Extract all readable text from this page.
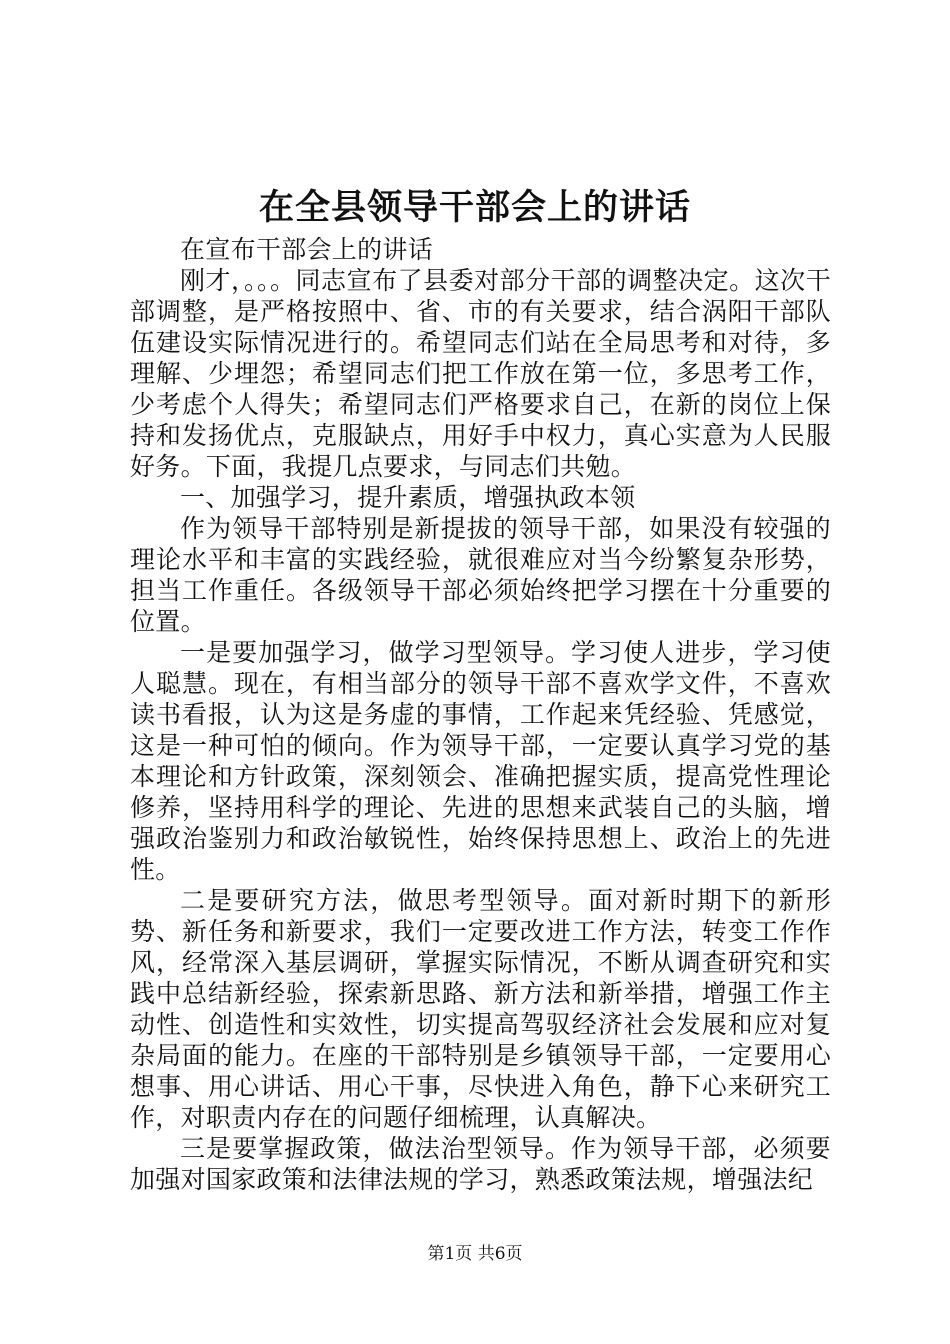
在全县领导干部会上的讲话

在宣布干部会上的讲话

刚才，。。。同志宣布了县委对部分干部的调整决定。这次干部调整，是严格按照中、省、市的有关要求，结合涡阳干部队伍建设实际情况进行的。希望同志们站在全局思考和对待，多理解、少埋怨；希望同志们把工作放在第一位，多思考工作，少考虑个人得失；希望同志们严格要求自己，在新的岗位上保持和发扬优点，克服缺点，用好手中权力，真心实意为人民服好务。下面，我提几点要求，与同志们共勉。

一、加强学习，提升素质，增强执政本领

作为领导干部特别是新提拔的领导干部，如果没有较强的理论水平和丰富的实践经验，就很难应对当今纷繁复杂形势，担当工作重任。各级领导干部必须始终把学习摆在十分重要的位置。

一是要加强学习，做学习型领导。学习使人进步，学习使人聪慧。现在，有相当部分的领导干部不喜欢学文件，不喜欢读书看报，认为这是务虚的事情，工作起来凭经验、凭感觉，这是一种可怕的倾向。作为领导干部，一定要认真学习党的基本理论和方针政策，深刻领会、准确把握实质，提高党性理论修养，坚持用科学的理论、先进的思想来武装自己的头脑，增强政治鉴别力和政治敏锐性，始终保持思想上、政治上的先进性。

二是要研究方法，做思考型领导。面对新时期下的新形势、新任务和新要求，我们一定要改进工作方法，转变工作作风，经常深入基层调研，掌握实际情况，不断从调查研究和实践中总结新经验，探索新思路、新方法和新举措，增强工作主动性、创造性和实效性，切实提高驾驭经济社会发展和应对复杂局面的能力。在座的干部特别是乡镇领导干部，一定要用心想事、用心讲话、用心干事，尽快进入角色，静下心来研究工作，对职责内存在的问题仔细梳理，认真解决。

三是要掌握政策，做法治型领导。作为领导干部，必须要加强对国家政策和法律法规的学习，熟悉政策法规，增强法纪

第1页 共6页
